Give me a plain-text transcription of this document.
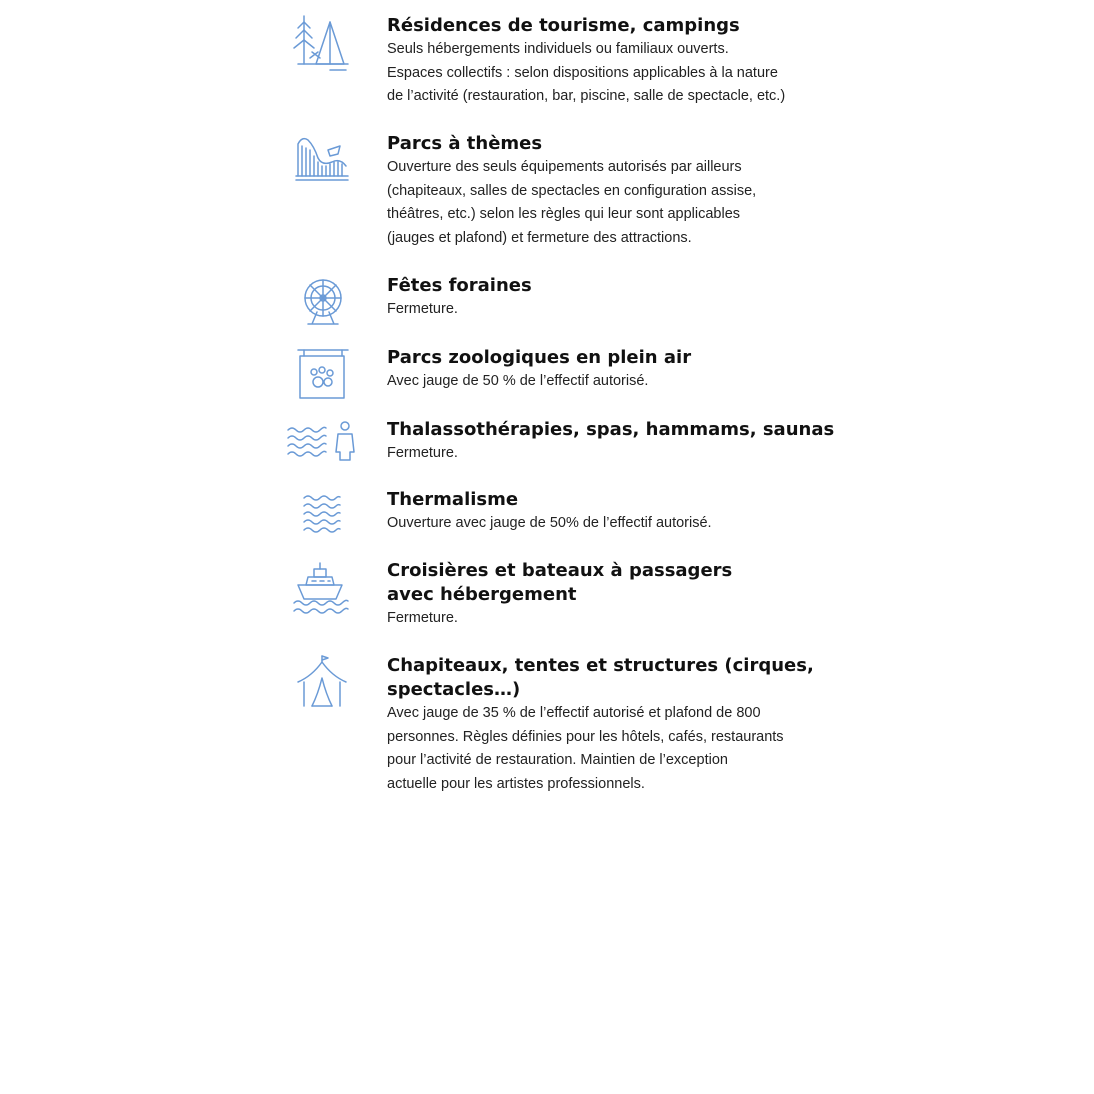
Résidences de tourisme, campings

Seuls hébergements individuels ou familiaux ouverts.
Espaces collectifs : selon dispositions applicables à la nature
de l’activité (restauration, bar, piscine, salle de spectacle, etc.)

Parcs à thèmes

Ouverture des seuls équipements autorisés par ailleurs
(chapiteaux, salles de spectacles en configuration assise,
théâtres, etc.) selon les règles qui leur sont applicables
(jauges et plafond) et fermeture des attractions.

Fêtes foraines

Fermeture.

Parcs zoologiques en plein air

Avec jauge de 50 % de l’effectif autorisé.

Thalassothérapies, spas, hammams, saunas

Fermeture.

Thermalisme

Ouverture avec jauge de 50% de l’effectif autorisé.

Croisières et bateaux à passagers
avec hébergement

Fermeture.

Chapiteaux, tentes et structures (cirques,
spectacles…)

Avec jauge de 35 % de l’effectif autorisé et plafond de 800
personnes. Règles définies pour les hôtels, cafés, restaurants
pour l’activité de restauration. Maintien de l’exception
actuelle pour les artistes professionnels.
